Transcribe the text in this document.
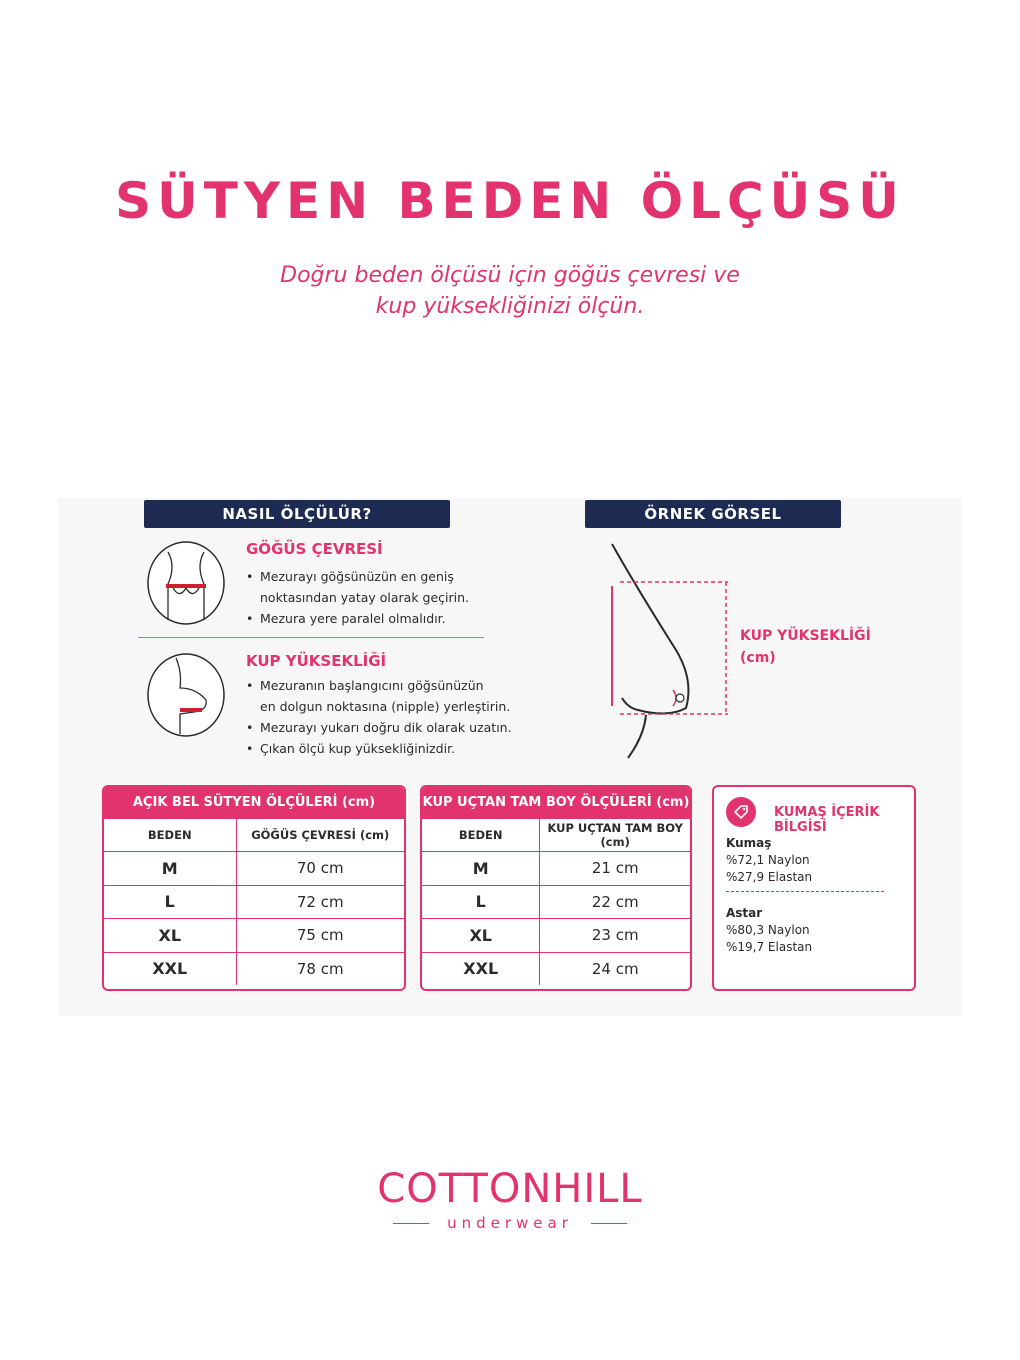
SÜTYEN BEDEN ÖLÇÜSÜ
Doğru beden ölçüsü için göğüs çevresi ve
kup yüksekliğinizi ölçün.
NASIL ÖLÇÜLÜR?	ÖRNEK GÖRSEL
GÖĞÜS ÇEVRESİ
• Mezurayı göğsünüzün en geniş
noktasından yatay olarak geçirin.
• Mezura yere paralel olmalıdır.
KUP YÜKSEKLİĞİ
• Mezuranın başlangıcını göğsünüzün
en dolgun noktasına (nipple) yerleştirin.
• Mezurayı yukarı doğru dik olarak uzatın.
• Çıkan ölçü kup yüksekliğinizdir.
KUP YÜKSEKLİĞİ
(cm)
AÇIK BEL SÜTYEN ÖLÇÜLERİ (cm)
BEDEN	GÖĞÜS ÇEVRESİ (cm)
M	70 cm
L	72 cm
XL	75 cm
XXL	78 cm
KUP UÇTAN TAM BOY ÖLÇÜLERİ (cm)
BEDEN	KUP UÇTAN TAM BOY (cm)
M	21 cm
L	22 cm
XL	23 cm
XXL	24 cm
KUMAŞ İÇERİK BİLGİSİ
Kumaş
%72,1 Naylon
%27,9 Elastan
Astar
%80,3 Naylon
%19,7 Elastan
COTTONHILL
underwear
